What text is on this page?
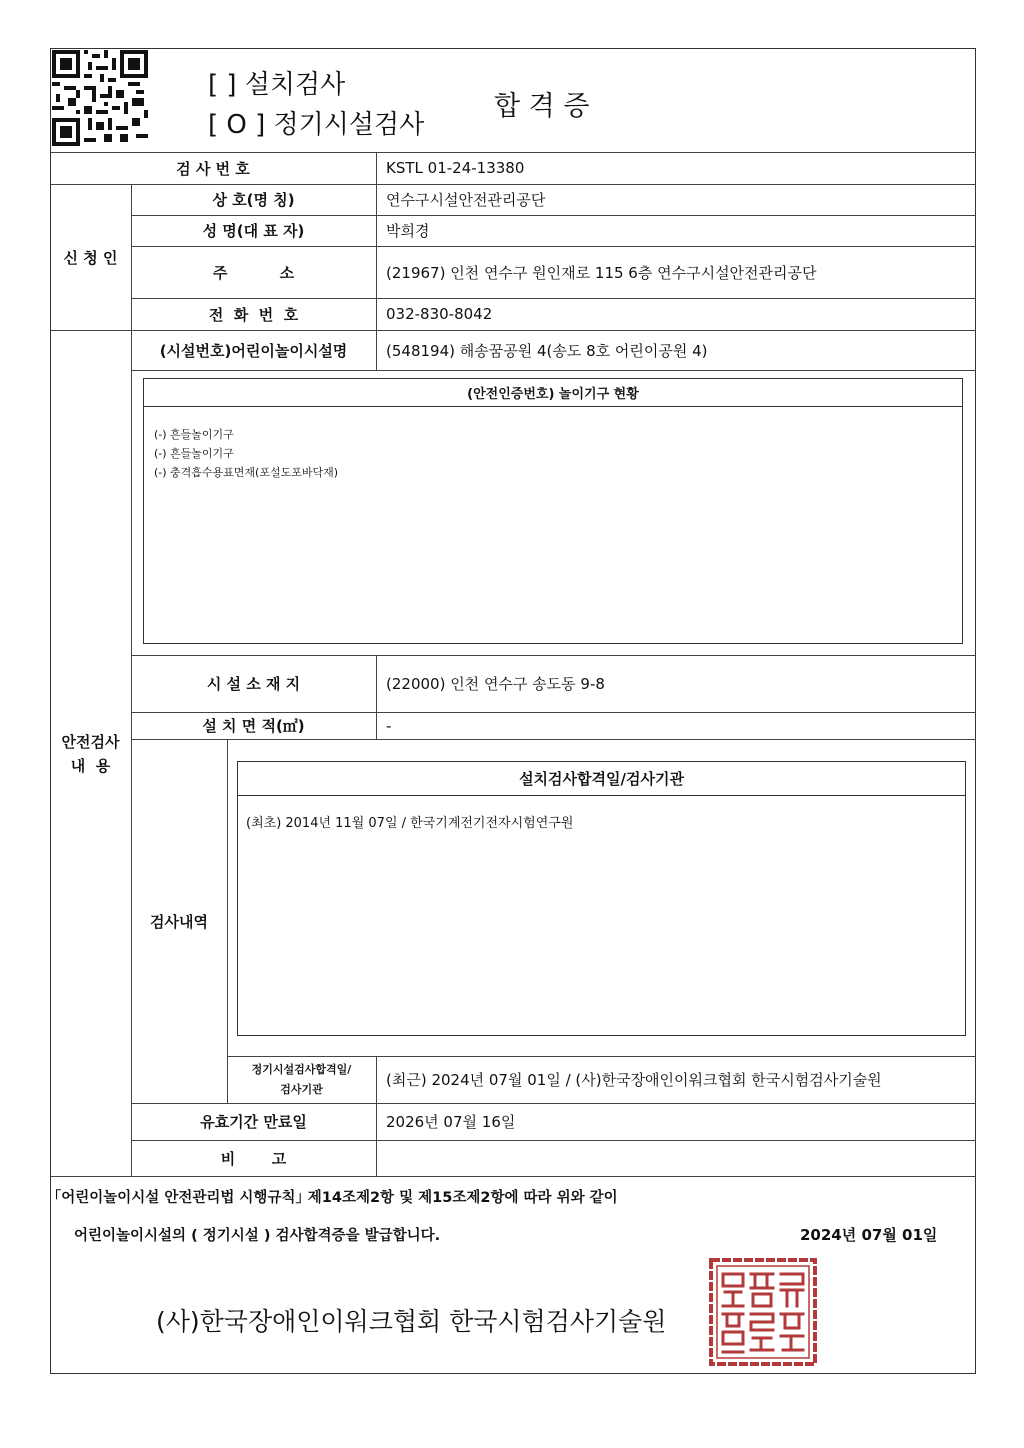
[ ] 설치검사
[ O ] 정기시설검사
합 격 증
검 사 번 호	KSTL 01-24-13380
신 청 인
상 호(명 칭)	연수구시설안전관리공단
성 명(대 표 자)	박희경
주          소	(21967) 인천 연수구 원인재로 115 6층 연수구시설안전관리공단
전  화  번  호	032-830-8042
안전검사
내  용
(시설번호)어린이놀이시설명	(548194) 해송꿈공원 4(송도 8호 어린이공원 4)
(안전인증번호) 놀이기구 현황
(-) 흔들놀이기구
(-) 흔들놀이기구
(-) 충격흡수용표면재(포설도포바닥재)
시 설 소 재 지	(22000) 인천 연수구 송도동 9-8
설 치 면 적(㎡)	-
검사내역
설치검사합격일/검사기관
(최초) 2014년 11월 07일 / 한국기계전기전자시험연구원
정기시설검사합격일/
검사기관
(최근) 2024년 07월 01일 / (사)한국장애인이워크협회 한국시험검사기술원
유효기간 만료일	2026년 07월 16일
비       고
｢어린이놀이시설 안전관리법 시행규칙｣ 제14조제2항 및 제15조제2항에 따라 위와 같이
어린이놀이시설의 ( 정기시설 ) 검사합격증을 발급합니다.	2024년 07월 01일
(사)한국장애인이워크협회 한국시험검사기술원
